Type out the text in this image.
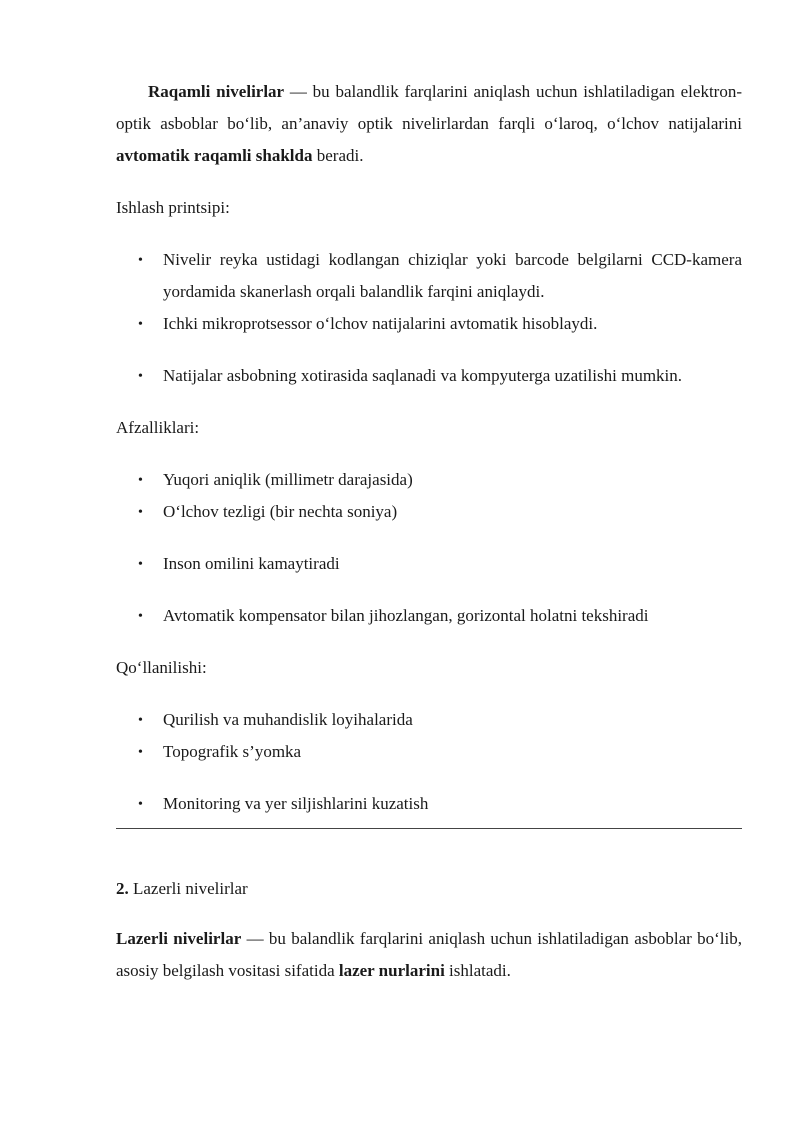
Raqamli nivelirlar — bu balandlik farqlarini aniqlash uchun ishlatiladigan elektron-optik asboblar bo‘lib, an’anaviy optik nivelirlardan farqli o‘laroq, o‘lchov natijalarini avtomatik raqamli shaklda beradi.

Ishlash printsipi:

• Nivelir reyka ustidagi kodlangan chiziqlar yoki barcode belgilarni CCD-kamera yordamida skanerlash orqali balandlik farqini aniqlaydi.
• Ichki mikroprotsessor o‘lchov natijalarini avtomatik hisoblaydi.
• Natijalar asbobning xotirasida saqlanadi va kompyuterga uzatilishi mumkin.

Afzalliklari:

• Yuqori aniqlik (millimetr darajasida)
• O‘lchov tezligi (bir nechta soniya)
• Inson omilini kamaytiradi
• Avtomatik kompensator bilan jihozlangan, gorizontal holatni tekshiradi

Qo‘llanilishi:

• Qurilish va muhandislik loyihalarida
• Topografik s’yomka
• Monitoring va yer siljishlarini kuzatish

2. Lazerli nivelirlar

Lazerli nivelirlar — bu balandlik farqlarini aniqlash uchun ishlatiladigan asboblar bo‘lib, asosiy belgilash vositasi sifatida lazer nurlarini ishlatadi.
